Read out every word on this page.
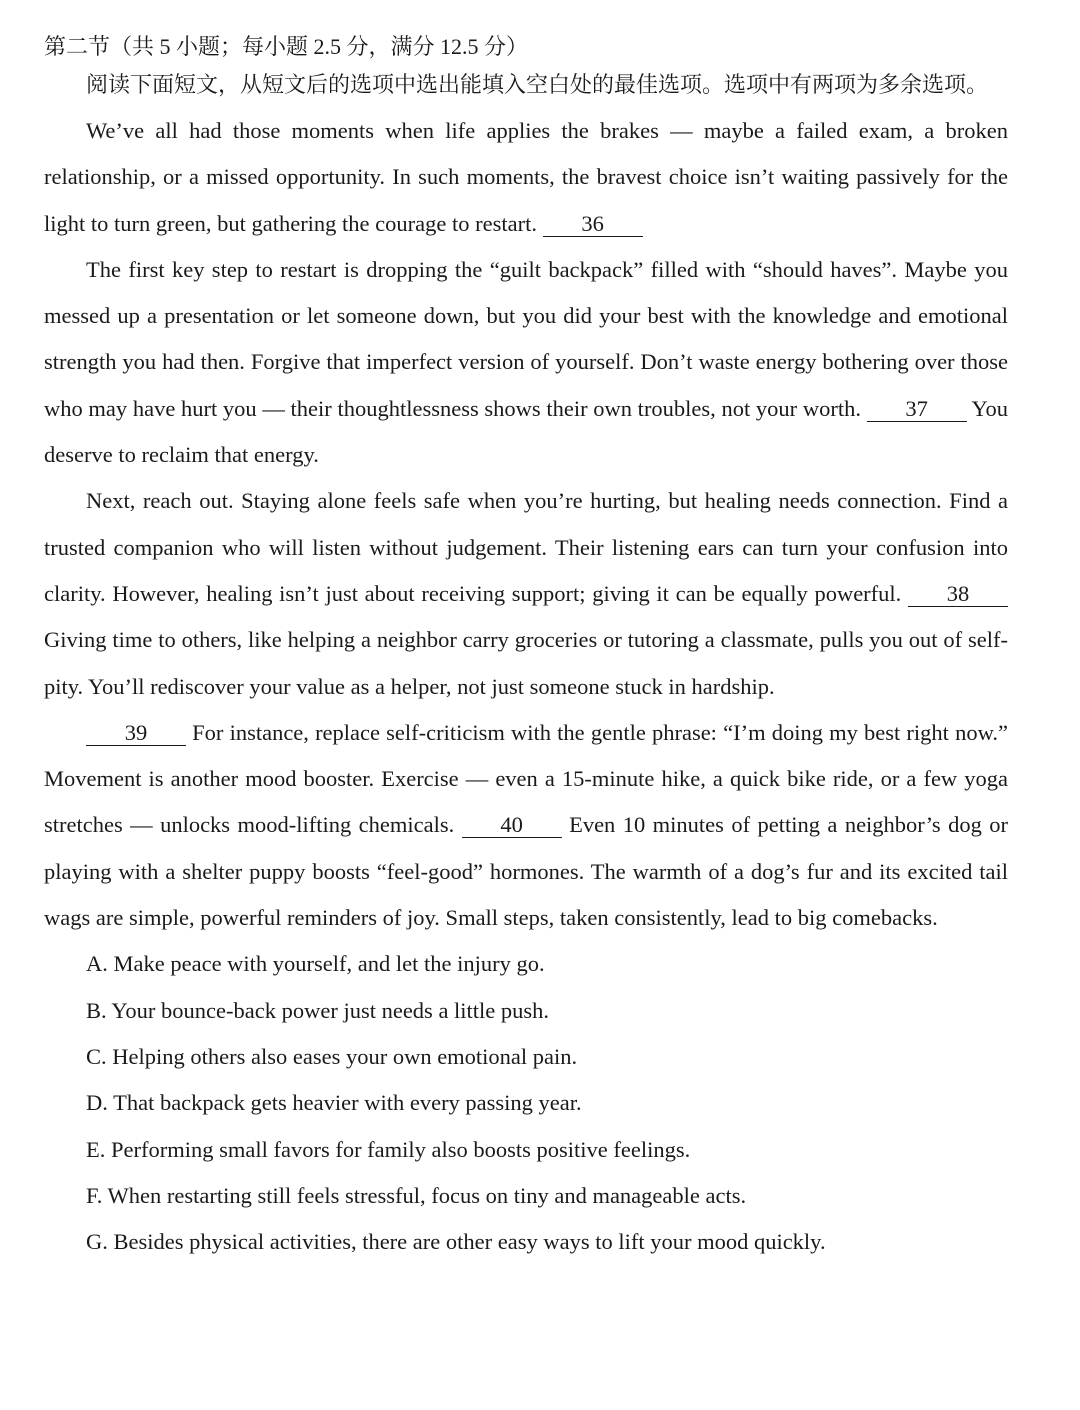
第二节（共 5 小题；每小题 2.5 分，满分 12.5 分）

阅读下面短文，从短文后的选项中选出能填入空白处的最佳选项。选项中有两项为多余选项。

We’ve all had those moments when life applies the brakes — maybe a failed exam, a broken relationship, or a missed opportunity. In such moments, the bravest choice isn’t waiting passively for the light to turn green, but gathering the courage to restart. 36

The first key step to restart is dropping the “guilt backpack” filled with “should haves”. Maybe you messed up a presentation or let someone down, but you did your best with the knowledge and emotional strength you had then. Forgive that imperfect version of yourself. Don’t waste energy bothering over those who may have hurt you — their thoughtlessness shows their own troubles, not your worth. 37 You deserve to reclaim that energy.

Next, reach out. Staying alone feels safe when you’re hurting, but healing needs connection. Find a trusted companion who will listen without judgement. Their listening ears can turn your confusion into clarity. However, healing isn’t just about receiving support; giving it can be equally powerful. 38 Giving time to others, like helping a neighbor carry groceries or tutoring a classmate, pulls you out of self-pity. You’ll rediscover your value as a helper, not just someone stuck in hardship.

39 For instance, replace self-criticism with the gentle phrase: “I’m doing my best right now.” Movement is another mood booster. Exercise — even a 15-minute hike, a quick bike ride, or a few yoga stretches — unlocks mood-lifting chemicals. 40 Even 10 minutes of petting a neighbor’s dog or playing with a shelter puppy boosts “feel-good” hormones. The warmth of a dog’s fur and its excited tail wags are simple, powerful reminders of joy. Small steps, taken consistently, lead to big comebacks.

A. Make peace with yourself, and let the injury go.
B. Your bounce-back power just needs a little push.
C. Helping others also eases your own emotional pain.
D. That backpack gets heavier with every passing year.
E. Performing small favors for family also boosts positive feelings.
F. When restarting still feels stressful, focus on tiny and manageable acts.
G. Besides physical activities, there are other easy ways to lift your mood quickly.
